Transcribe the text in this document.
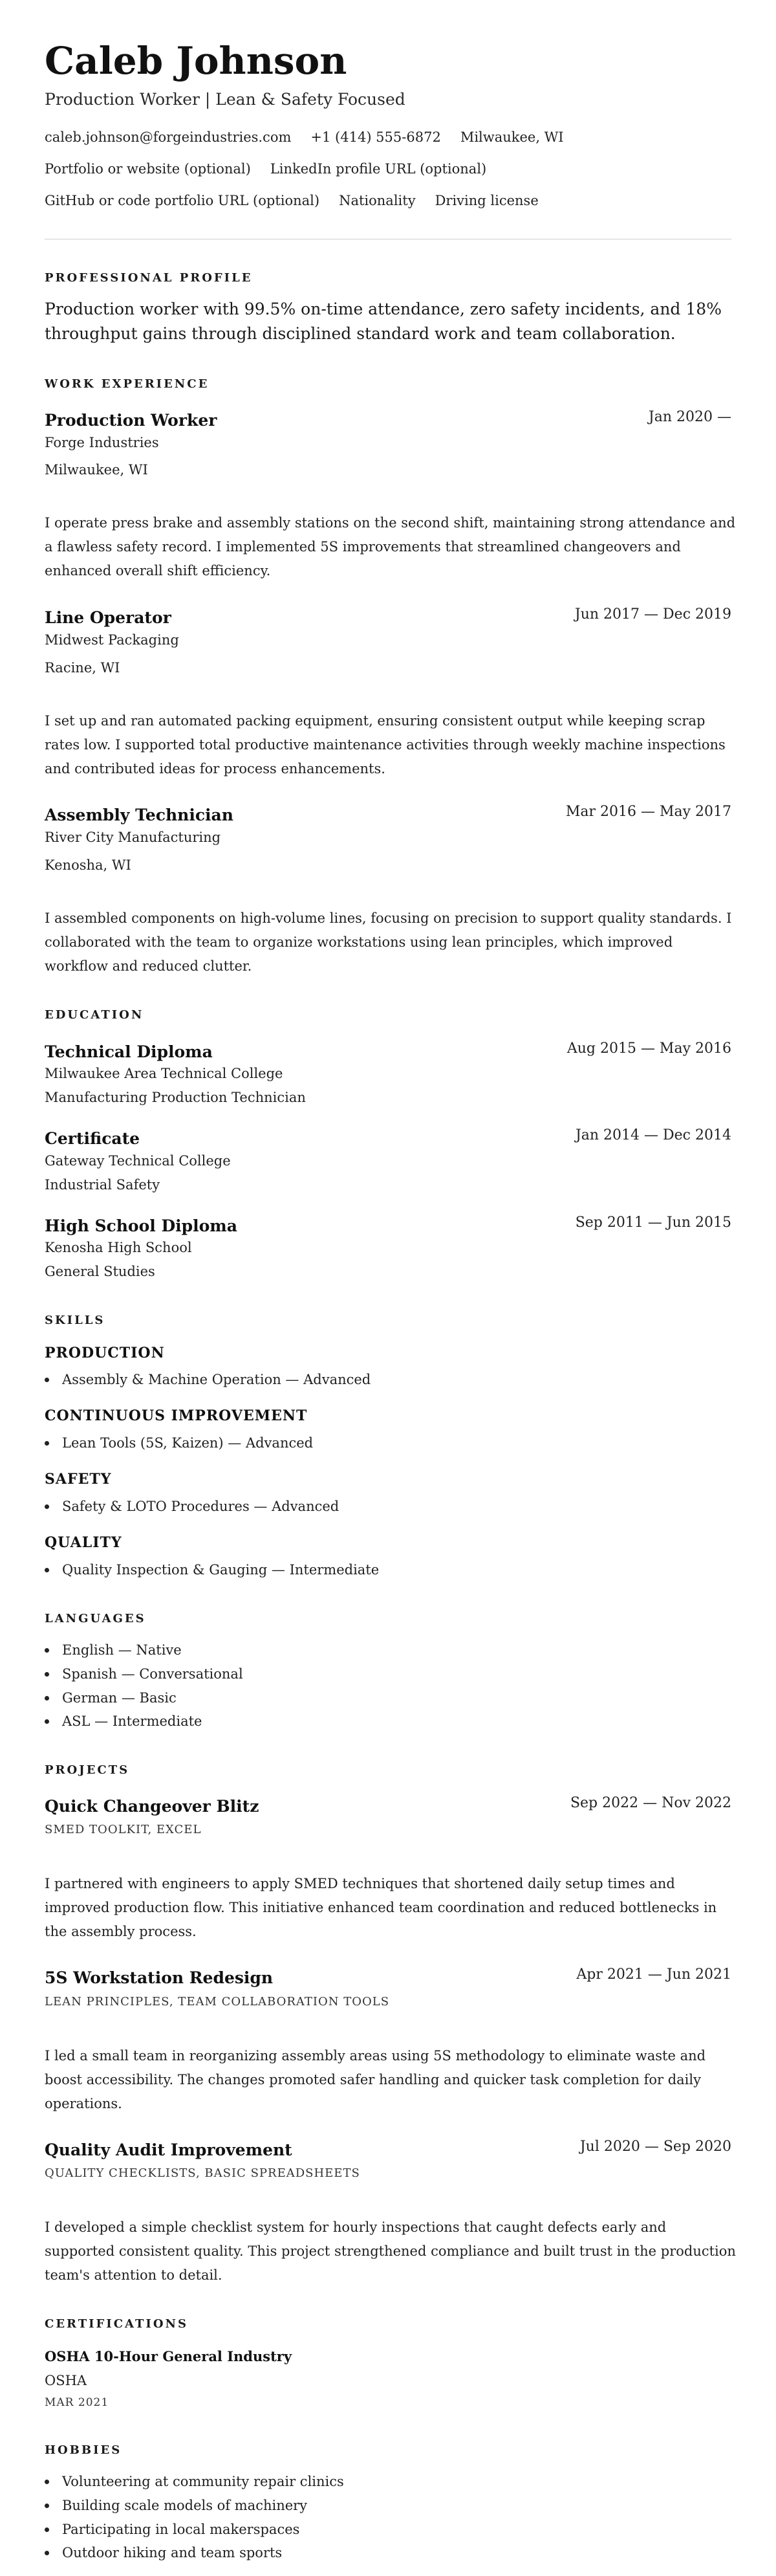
Caleb Johnson
Production Worker | Lean & Safety Focused
caleb.johnson@forgeindustries.com +1 (414) 555-6872 Milwaukee, WI
Portfolio or website (optional) LinkedIn profile URL (optional)
GitHub or code portfolio URL (optional) Nationality Driving license
PROFESSIONAL PROFILE
Production worker with 99.5% on-time attendance, zero safety incidents, and 18% throughput gains through disciplined standard work and team collaboration.
WORK EXPERIENCE
Production Worker	Jan 2020 —
Forge Industries
Milwaukee, WI
I operate press brake and assembly stations on the second shift, maintaining strong attendance and a flawless safety record. I implemented 5S improvements that streamlined changeovers and enhanced overall shift efficiency.
Line Operator	Jun 2017 — Dec 2019
Midwest Packaging
Racine, WI
I set up and ran automated packing equipment, ensuring consistent output while keeping scrap rates low. I supported total productive maintenance activities through weekly machine inspections and contributed ideas for process enhancements.
Assembly Technician	Mar 2016 — May 2017
River City Manufacturing
Kenosha, WI
I assembled components on high-volume lines, focusing on precision to support quality standards. I collaborated with the team to organize workstations using lean principles, which improved workflow and reduced clutter.
EDUCATION
Technical Diploma	Aug 2015 — May 2016
Milwaukee Area Technical College
Manufacturing Production Technician
Certificate	Jan 2014 — Dec 2014
Gateway Technical College
Industrial Safety
High School Diploma	Sep 2011 — Jun 2015
Kenosha High School
General Studies
SKILLS
PRODUCTION
Assembly & Machine Operation — Advanced
CONTINUOUS IMPROVEMENT
Lean Tools (5S, Kaizen) — Advanced
SAFETY
Safety & LOTO Procedures — Advanced
QUALITY
Quality Inspection & Gauging — Intermediate
LANGUAGES
English — Native
Spanish — Conversational
German — Basic
ASL — Intermediate
PROJECTS
Quick Changeover Blitz	Sep 2022 — Nov 2022
SMED TOOLKIT, EXCEL
I partnered with engineers to apply SMED techniques that shortened daily setup times and improved production flow. This initiative enhanced team coordination and reduced bottlenecks in the assembly process.
5S Workstation Redesign	Apr 2021 — Jun 2021
LEAN PRINCIPLES, TEAM COLLABORATION TOOLS
I led a small team in reorganizing assembly areas using 5S methodology to eliminate waste and boost accessibility. The changes promoted safer handling and quicker task completion for daily operations.
Quality Audit Improvement	Jul 2020 — Sep 2020
QUALITY CHECKLISTS, BASIC SPREADSHEETS
I developed a simple checklist system for hourly inspections that caught defects early and supported consistent quality. This project strengthened compliance and built trust in the production team's attention to detail.
CERTIFICATIONS
OSHA 10-Hour General Industry
OSHA
MAR 2021
HOBBIES
Volunteering at community repair clinics
Building scale models of machinery
Participating in local makerspaces
Outdoor hiking and team sports
